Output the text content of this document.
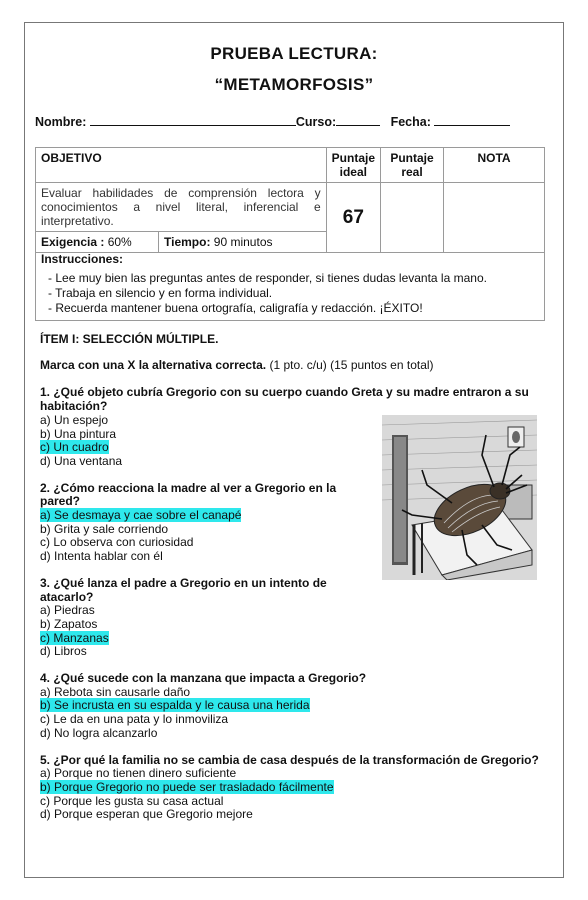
PRUEBA LECTURA:
“METAMORFOSIS”
Nombre:	Curso:	Fecha:
OBJETIVO		Puntaje ideal	Puntaje real	NOTA
Evaluar habilidades de comprensión lectora y conocimientos a nivel literal, inferencial e interpretativo.		67		
Exigencia : 60%	Tiempo: 90 minutos			
Instrucciones:
- Lee muy bien las preguntas antes de responder, si tienes dudas levanta la mano.
- Trabaja en silencio y en forma individual.
- Recuerda mantener buena ortografía, caligrafía y redacción. ¡ÉXITO!
ÍTEM I: SELECCIÓN MÚLTIPLE.
Marca con una X la alternativa correcta. (1 pto. c/u) (15 puntos en total)
1. ¿Qué objeto cubría Gregorio con su cuerpo cuando Greta y su madre entraron a su habitación?
a) Un espejo
b) Una pintura
c) Un cuadro
d) Una ventana
2. ¿Cómo reacciona la madre al ver a Gregorio en la pared?
a) Se desmaya y cae sobre el canapé
b) Grita y sale corriendo
c) Lo observa con curiosidad
d) Intenta hablar con él
3. ¿Qué lanza el padre a Gregorio en un intento de atacarlo?
a) Piedras
b) Zapatos
c) Manzanas
d) Libros
4. ¿Qué sucede con la manzana que impacta a Gregorio?
a) Rebota sin causarle daño
b) Se incrusta en su espalda y le causa una herida
c) Le da en una pata y lo inmoviliza
d) No logra alcanzarlo
5. ¿Por qué la familia no se cambia de casa después de la transformación de Gregorio?
a) Porque no tienen dinero suficiente
b) Porque Gregorio no puede ser trasladado fácilmente
c) Porque les gusta su casa actual
d) Porque esperan que Gregorio mejore
